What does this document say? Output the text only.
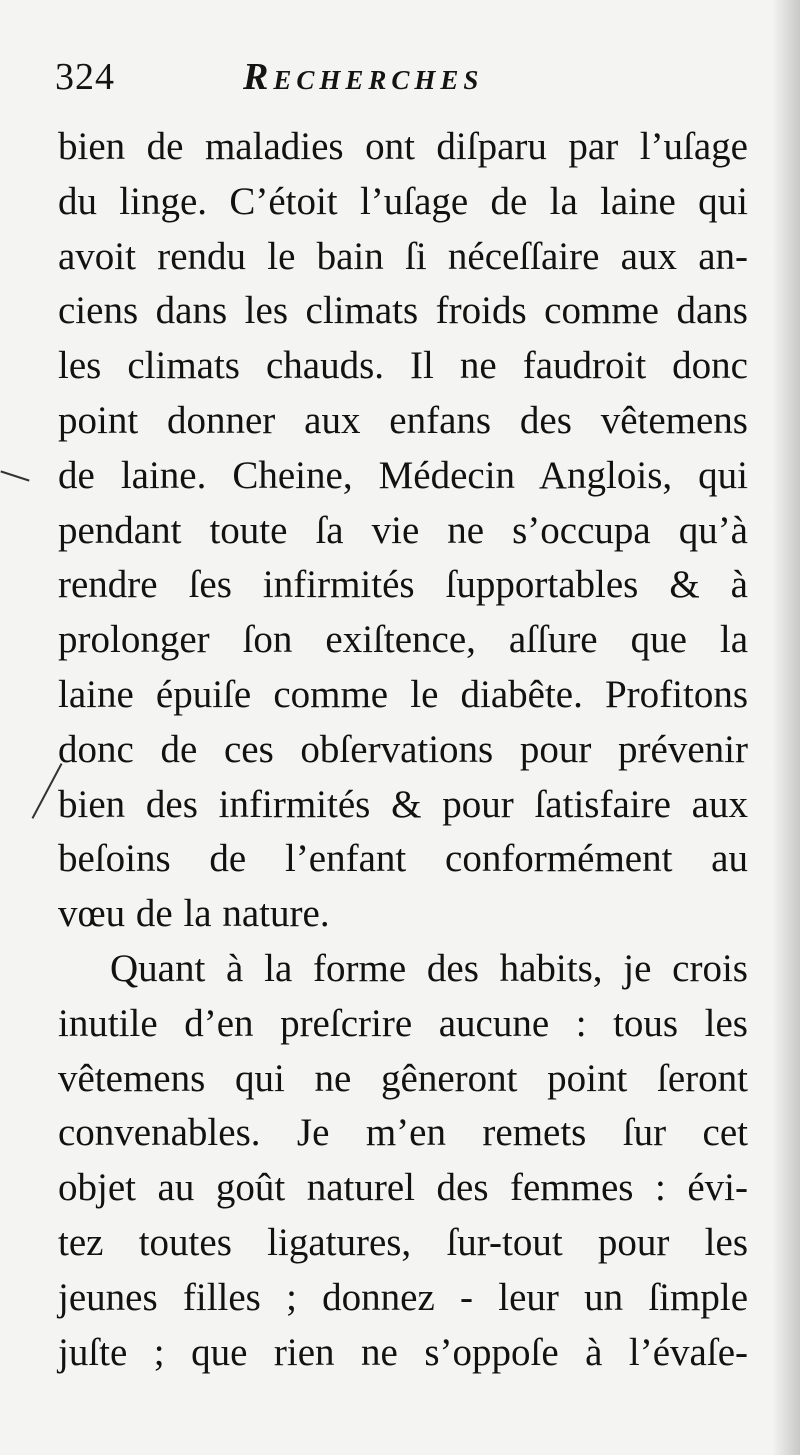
324	Recherches
bien de maladies ont diſparu par l’uſage
du linge. C’étoit l’uſage de la laine qui
avoit rendu le bain ſi néceſſaire aux an-
ciens dans les climats froids comme dans
les climats chauds. Il ne faudroit donc
point donner aux enfans des vêtemens
de laine. Cheine, Médecin Anglois, qui
pendant toute ſa vie ne s’occupa qu’à
rendre ſes infirmités ſupportables & à
prolonger ſon exiſtence, aſſure que la
laine épuiſe comme le diabête. Profitons
donc de ces obſervations pour prévenir
bien des infirmités & pour ſatisfaire aux
beſoins de l’enfant conformément au
vœu de la nature.
Quant à la forme des habits, je crois
inutile d’en preſcrire aucune : tous les
vêtemens qui ne gêneront point ſeront
convenables. Je m’en remets ſur cet
objet au goût naturel des femmes : évi-
tez toutes ligatures, ſur-tout pour les
jeunes filles ; donnez - leur un ſimple
juſte ; que rien ne s’oppoſe à l’évaſe-
